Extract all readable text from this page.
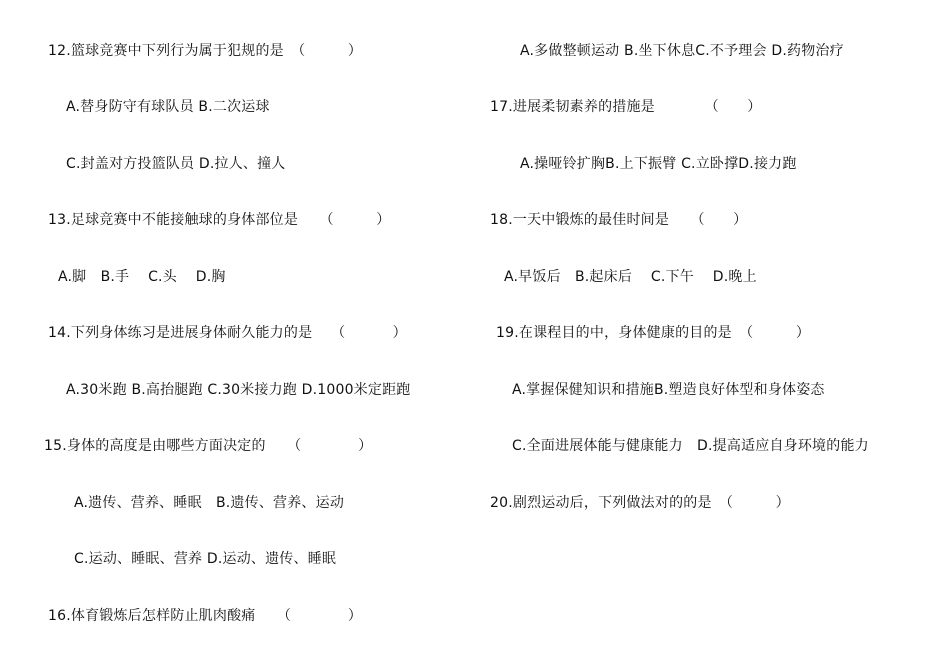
12.篮球竞赛中下列行为属于犯规的是　（　　　）
A.替身防守有球队员 B.二次运球
C.封盖对方投篮队员 D.拉人、撞人
13.足球竞赛中不能接触球的身体部位是　　（　　　）
A.脚　B.手　 C.头　 D.胸
14.下列身体练习是进展身体耐久能力的是　 （　　　 ）
A.30米跑 B.高抬腿跑 C.30米接力跑 D.1000米定距跑
15.身体的高度是由哪些方面决定的　　（　　　　）
A.遗传、营养、睡眠　B.遗传、营养、运动
C.运动、睡眠、营养 D.运动、遗传、睡眠
16.体育锻炼后怎样防止肌肉酸痛　　（　　　　）
A.多做整顿运动 B.坐下休息C.不予理会 D.药物治疗
17.进展柔韧素养的措施是　　　　（　　）
A.操哑铃扩胸B.上下振臂 C.立卧撑D.接力跑
18.一天中锻炼的最佳时间是　　（　　）
A.早饭后　B.起床后　 C.下午　 D.晚上
19.在课程目的中，身体健康的目的是　（　　　）
A.掌握保健知识和措施B.塑造良好体型和身体姿态
C.全面进展体能与健康能力　D.提高适应自身环境的能力
20.剧烈运动后，下列做法对的的是　（　　　）
